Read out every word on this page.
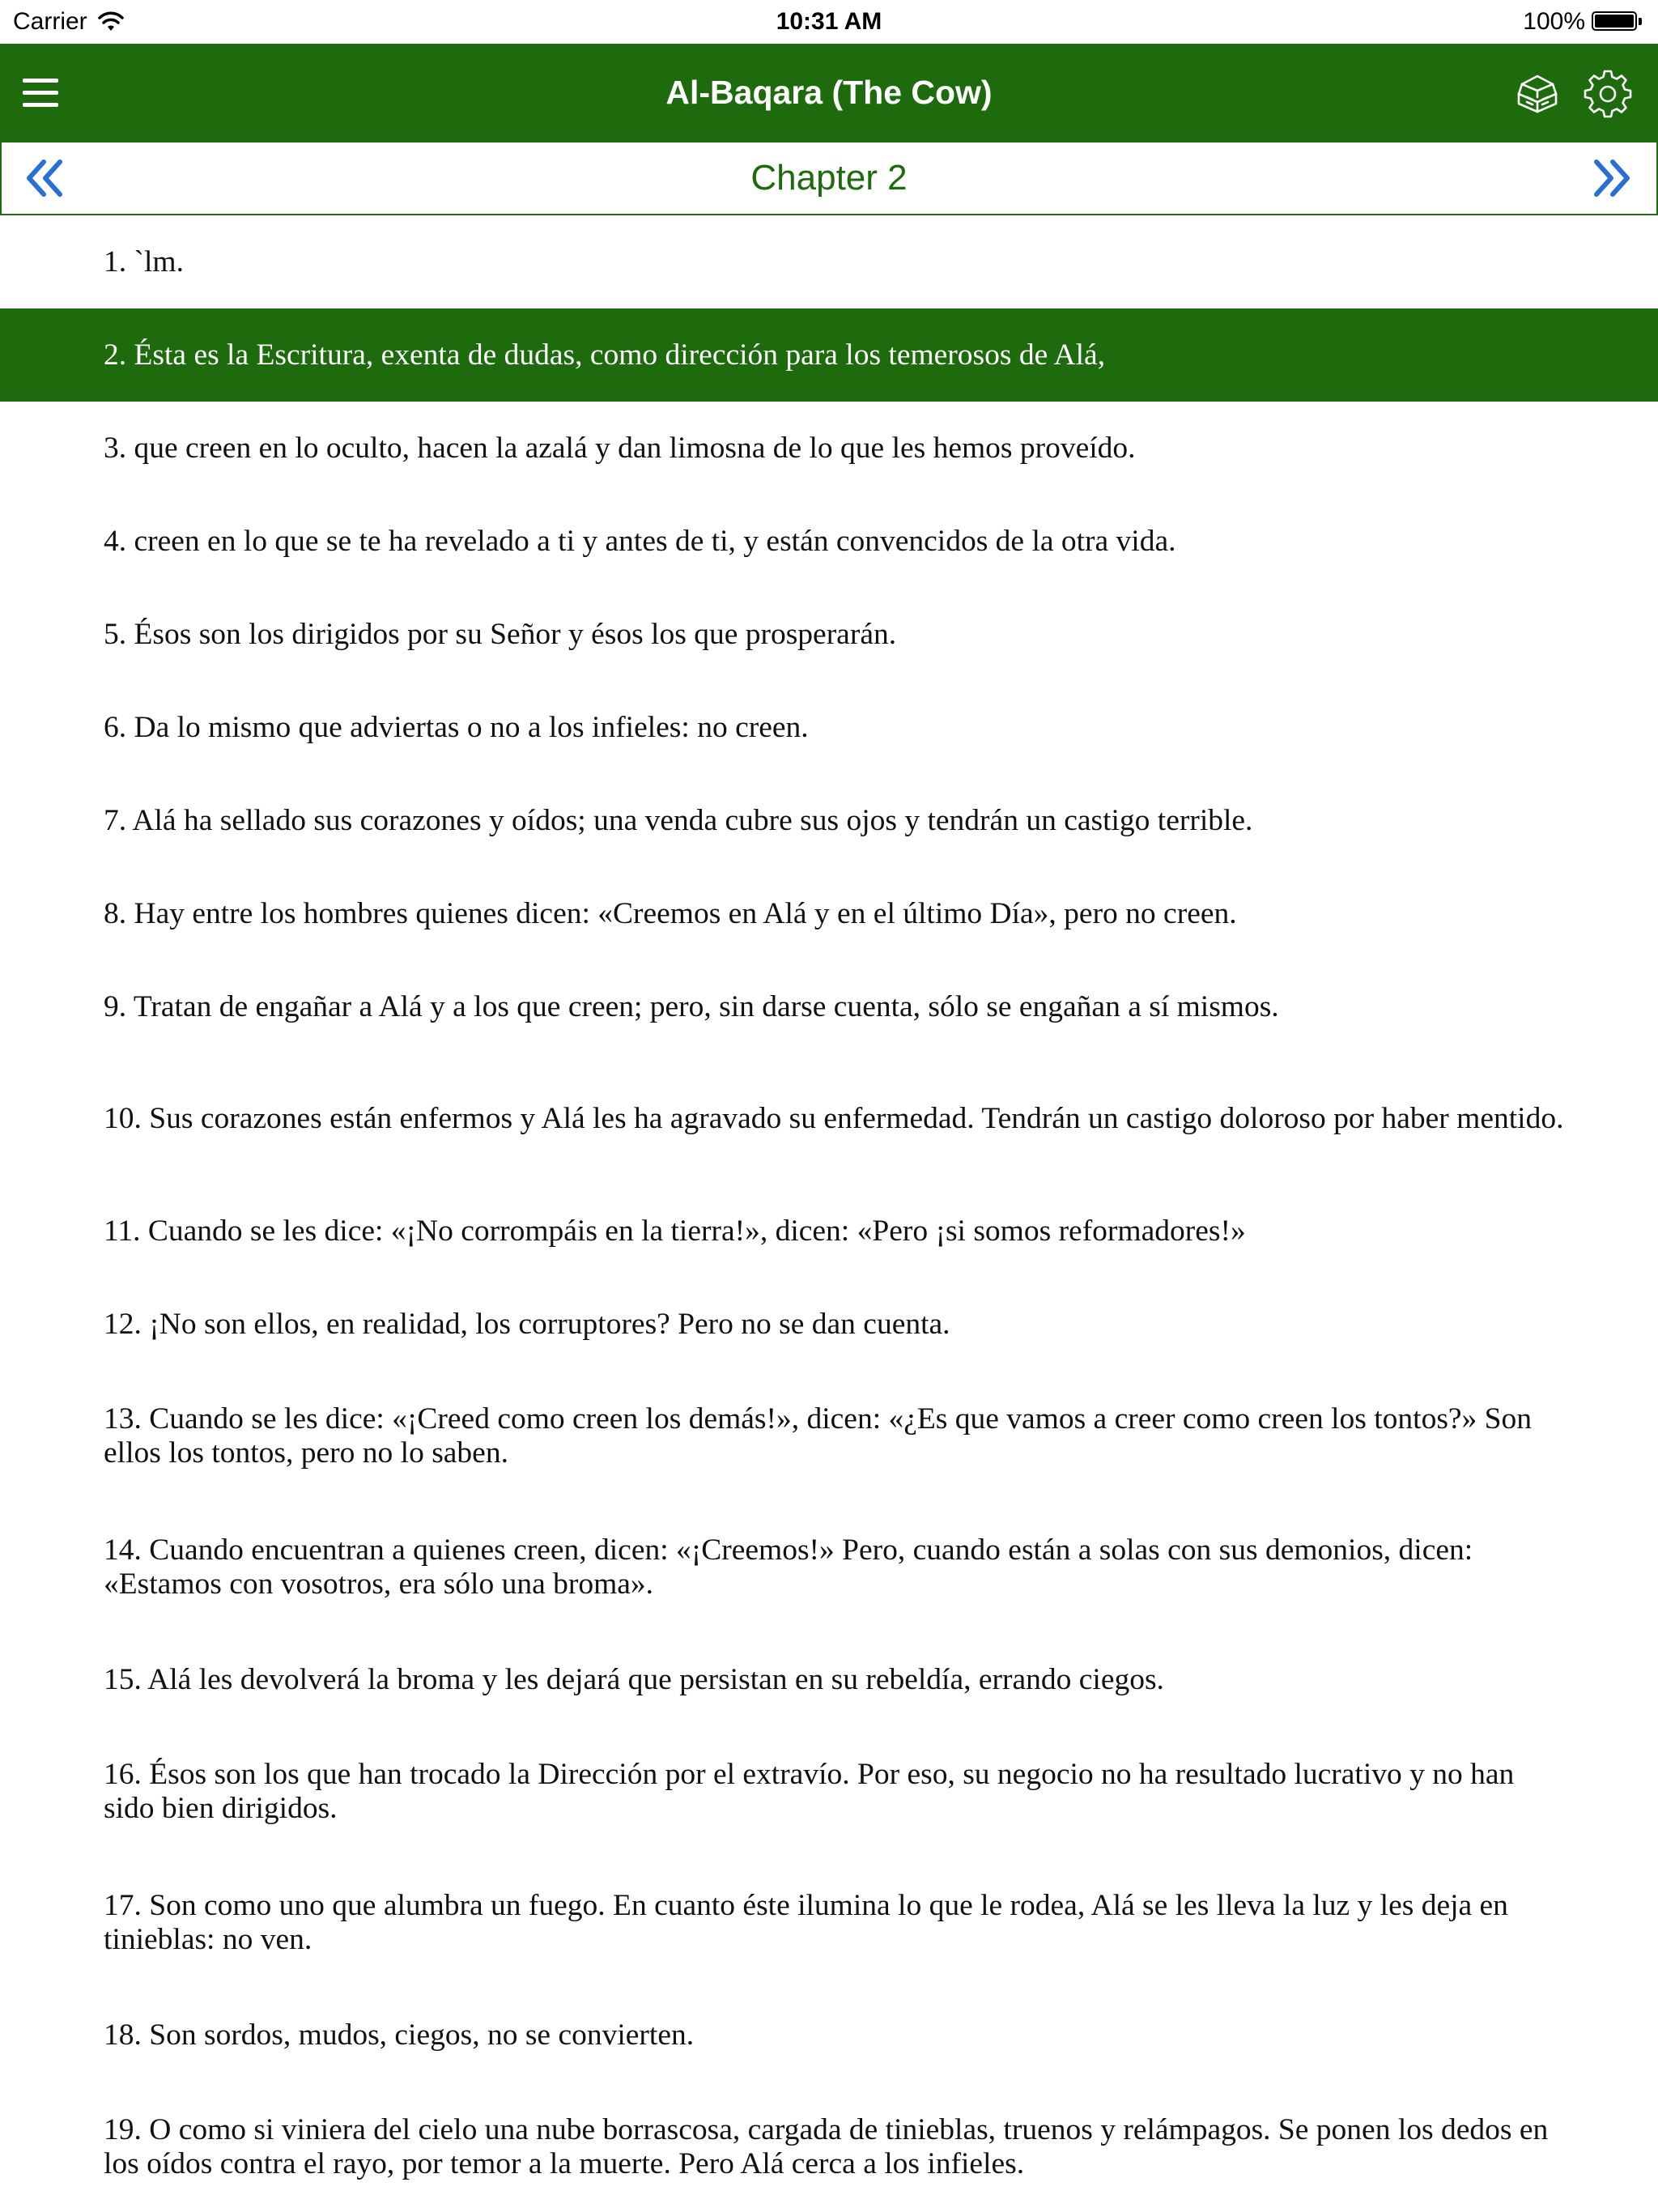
Carrier	10:31 AM	100%
Al-Baqara (The Cow)
Chapter 2
1. `lm.
2. Ésta es la Escritura, exenta de dudas, como dirección para los temerosos de Alá,
3. que creen en lo oculto, hacen la azalá y dan limosna de lo que les hemos proveído.
4. creen en lo que se te ha revelado a ti y antes de ti, y están convencidos de la otra vida.
5. Ésos son los dirigidos por su Señor y ésos los que prosperarán.
6. Da lo mismo que adviertas o no a los infieles: no creen.
7. Alá ha sellado sus corazones y oídos; una venda cubre sus ojos y tendrán un castigo terrible.
8. Hay entre los hombres quienes dicen: «Creemos en Alá y en el último Día», pero no creen.
9. Tratan de engañar a Alá y a los que creen; pero, sin darse cuenta, sólo se engañan a sí mismos.
10. Sus corazones están enfermos y Alá les ha agravado su enfermedad. Tendrán un castigo doloroso por haber mentido.
11. Cuando se les dice: «¡No corrompáis en la tierra!», dicen: «Pero ¡si somos reformadores!»
12. ¡No son ellos, en realidad, los corruptores? Pero no se dan cuenta.
13. Cuando se les dice: «¡Creed como creen los demás!», dicen: «¿Es que vamos a creer como creen los tontos?» Son ellos los tontos, pero no lo saben.
14. Cuando encuentran a quienes creen, dicen: «¡Creemos!» Pero, cuando están a solas con sus demonios, dicen: «Estamos con vosotros, era sólo una broma».
15. Alá les devolverá la broma y les dejará que persistan en su rebeldía, errando ciegos.
16. Ésos son los que han trocado la Dirección por el extravío. Por eso, su negocio no ha resultado lucrativo y no han sido bien dirigidos.
17. Son como uno que alumbra un fuego. En cuanto éste ilumina lo que le rodea, Alá se les lleva la luz y les deja en tinieblas: no ven.
18. Son sordos, mudos, ciegos, no se convierten.
19. O como si viniera del cielo una nube borrascosa, cargada de tinieblas, truenos y relámpagos. Se ponen los dedos en los oídos contra el rayo, por temor a la muerte. Pero Alá cerca a los infieles.
